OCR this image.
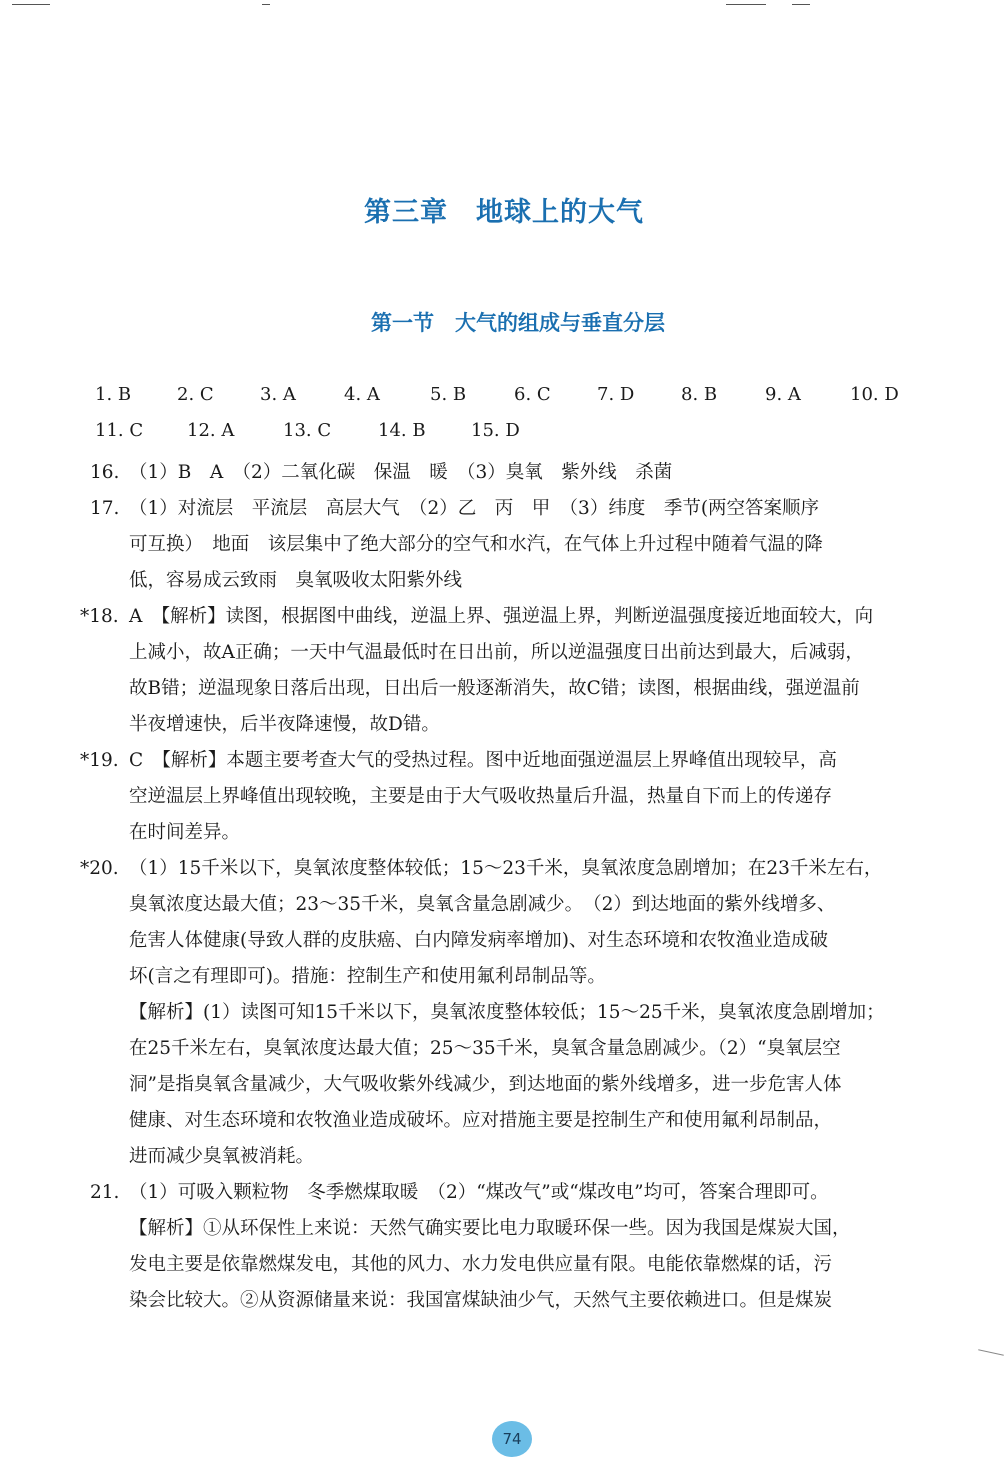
第三章　地球上的大气
第一节　大气的组成与垂直分层
1. B	2. C	3. A	4. A	5. B	6. C	7. D	8. B	9. A	10. D
11. C 12. A	13. C	14. B	15. D
16. （1）B　A　（2）二氧化碳　保温　暖　（3）臭氧　紫外线　杀菌

17. （1）对流层　平流层　高层大气　（2）乙　丙　甲　（3）纬度　季节(两空答案顺序
可互换）　地面　该层集中了绝大部分的空气和水汽，在气体上升过程中随着气温的降
低，容易成云致雨　臭氧吸收太阳紫外线

*18. A　【解析】读图，根据图中曲线，逆温上界、强逆温上界，判断逆温强度接近地面较大，向
上减小，故A正确；一天中气温最低时在日出前，所以逆温强度日出前达到最大，后减弱，
故B错；逆温现象日落后出现，日出后一般逐渐消失，故C错；读图，根据曲线，强逆温前
半夜增速快，后半夜降速慢，故D错。

*19. C　【解析】本题主要考查大气的受热过程。图中近地面强逆温层上界峰值出现较早，高
空逆温层上界峰值出现较晚，主要是由于大气吸收热量后升温，热量自下而上的传递存
在时间差异。

*20. （1）15千米以下，臭氧浓度整体较低；15～23千米，臭氧浓度急剧增加；在23千米左右，
臭氧浓度达最大值；23～35千米，臭氧含量急剧减少。　（2）到达地面的紫外线增多、
危害人体健康(导致人群的皮肤癌、白内障发病率增加)、对生态环境和农牧渔业造成破
坏(言之有理即可)。措施：控制生产和使用氟利昂制品等。
【解析】(1）读图可知15千米以下，臭氧浓度整体较低；15～25千米，臭氧浓度急剧增加；
在25千米左右，臭氧浓度达最大值；25～35千米，臭氧含量急剧减少。（2）“臭氧层空
洞”是指臭氧含量减少，大气吸收紫外线减少，到达地面的紫外线增多，进一步危害人体
健康、对生态环境和农牧渔业造成破坏。应对措施主要是控制生产和使用氟利昂制品，
进而减少臭氧被消耗。

21. （1）可吸入颗粒物　冬季燃煤取暖　（2）“煤改气”或“煤改电”均可，答案合理即可。
【解析】①从环保性上来说：天然气确实要比电力取暖环保一些。因为我国是煤炭大国，
发电主要是依靠燃煤发电，其他的风力、水力发电供应量有限。电能依靠燃煤的话，污
染会比较大。②从资源储量来说：我国富煤缺油少气，天然气主要依赖进口。但是煤炭

74
